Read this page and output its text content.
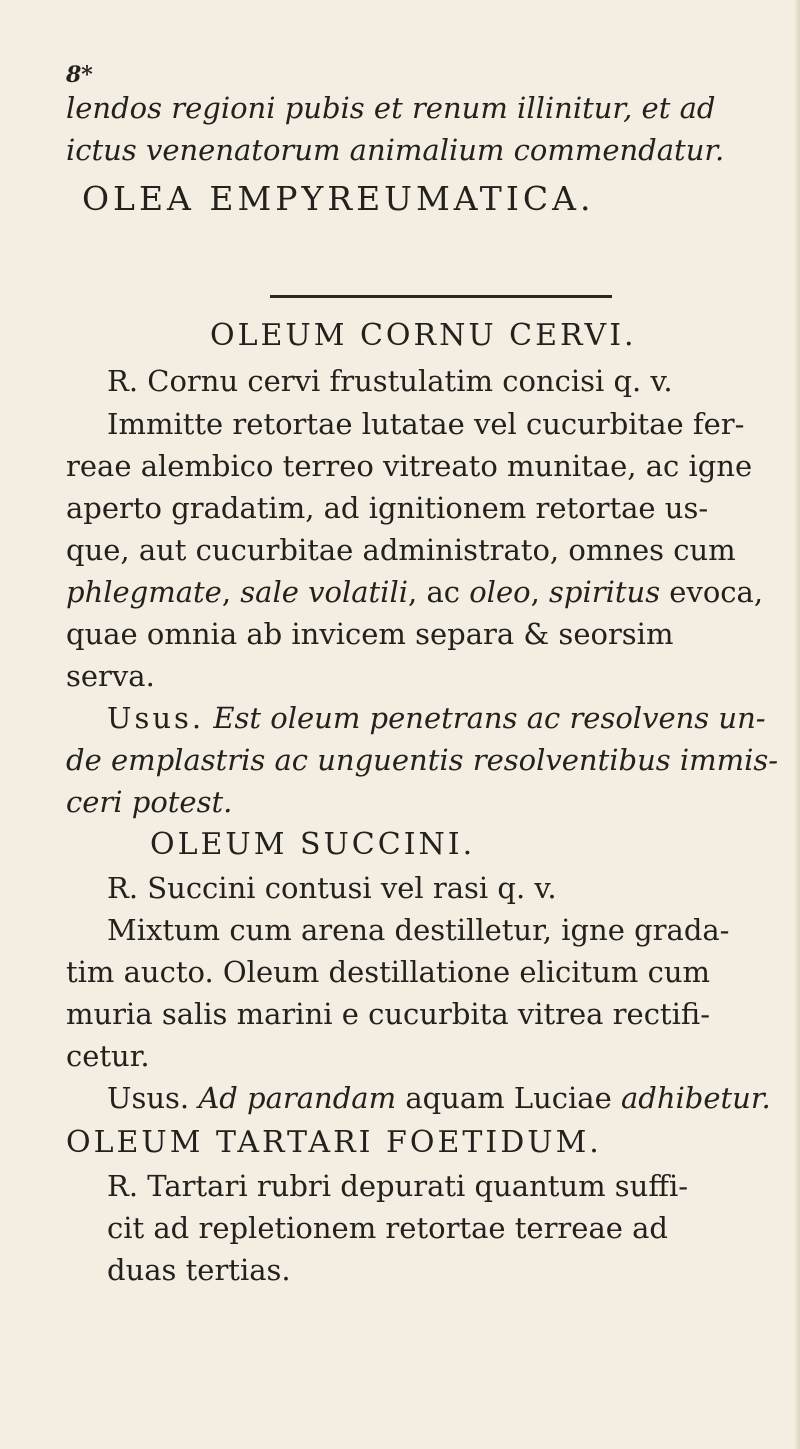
8*
lendos regioni pubis et renum illinitur, et ad
ictus venenatorum animalium commendatur.
OLEA EMPYREUMATICA.
OLEUM CORNU CERVI.
R. Cornu cervi frustulatim concisi q. v.
Immitte retortae lutatae vel cucurbitae fer-
reae alembico terreo vitreato munitae, ac igne
aperto gradatim, ad ignitionem retortae us-
que, aut cucurbitae administrato, omnes cum
phlegmate, sale volatili, ac oleo, spiritus evoca,
quae omnia ab invicem separa & seorsim
serva.
Usus. Est oleum penetrans ac resolvens un-
de emplastris ac unguentis resolventibus immis-
ceri potest.
OLEUM SUCCINI.
R. Succini contusi vel rasi q. v.
Mixtum cum arena destilletur, igne grada-
tim aucto. Oleum destillatione elicitum cum
muria salis marini e cucurbita vitrea rectifi-
cetur.
Usus. Ad parandam aquam Luciae adhibetur.
OLEUM TARTARI FOETIDUM.
R. Tartari rubri depurati quantum suffi-
cit ad repletionem retortae terreae ad
duas tertias.
